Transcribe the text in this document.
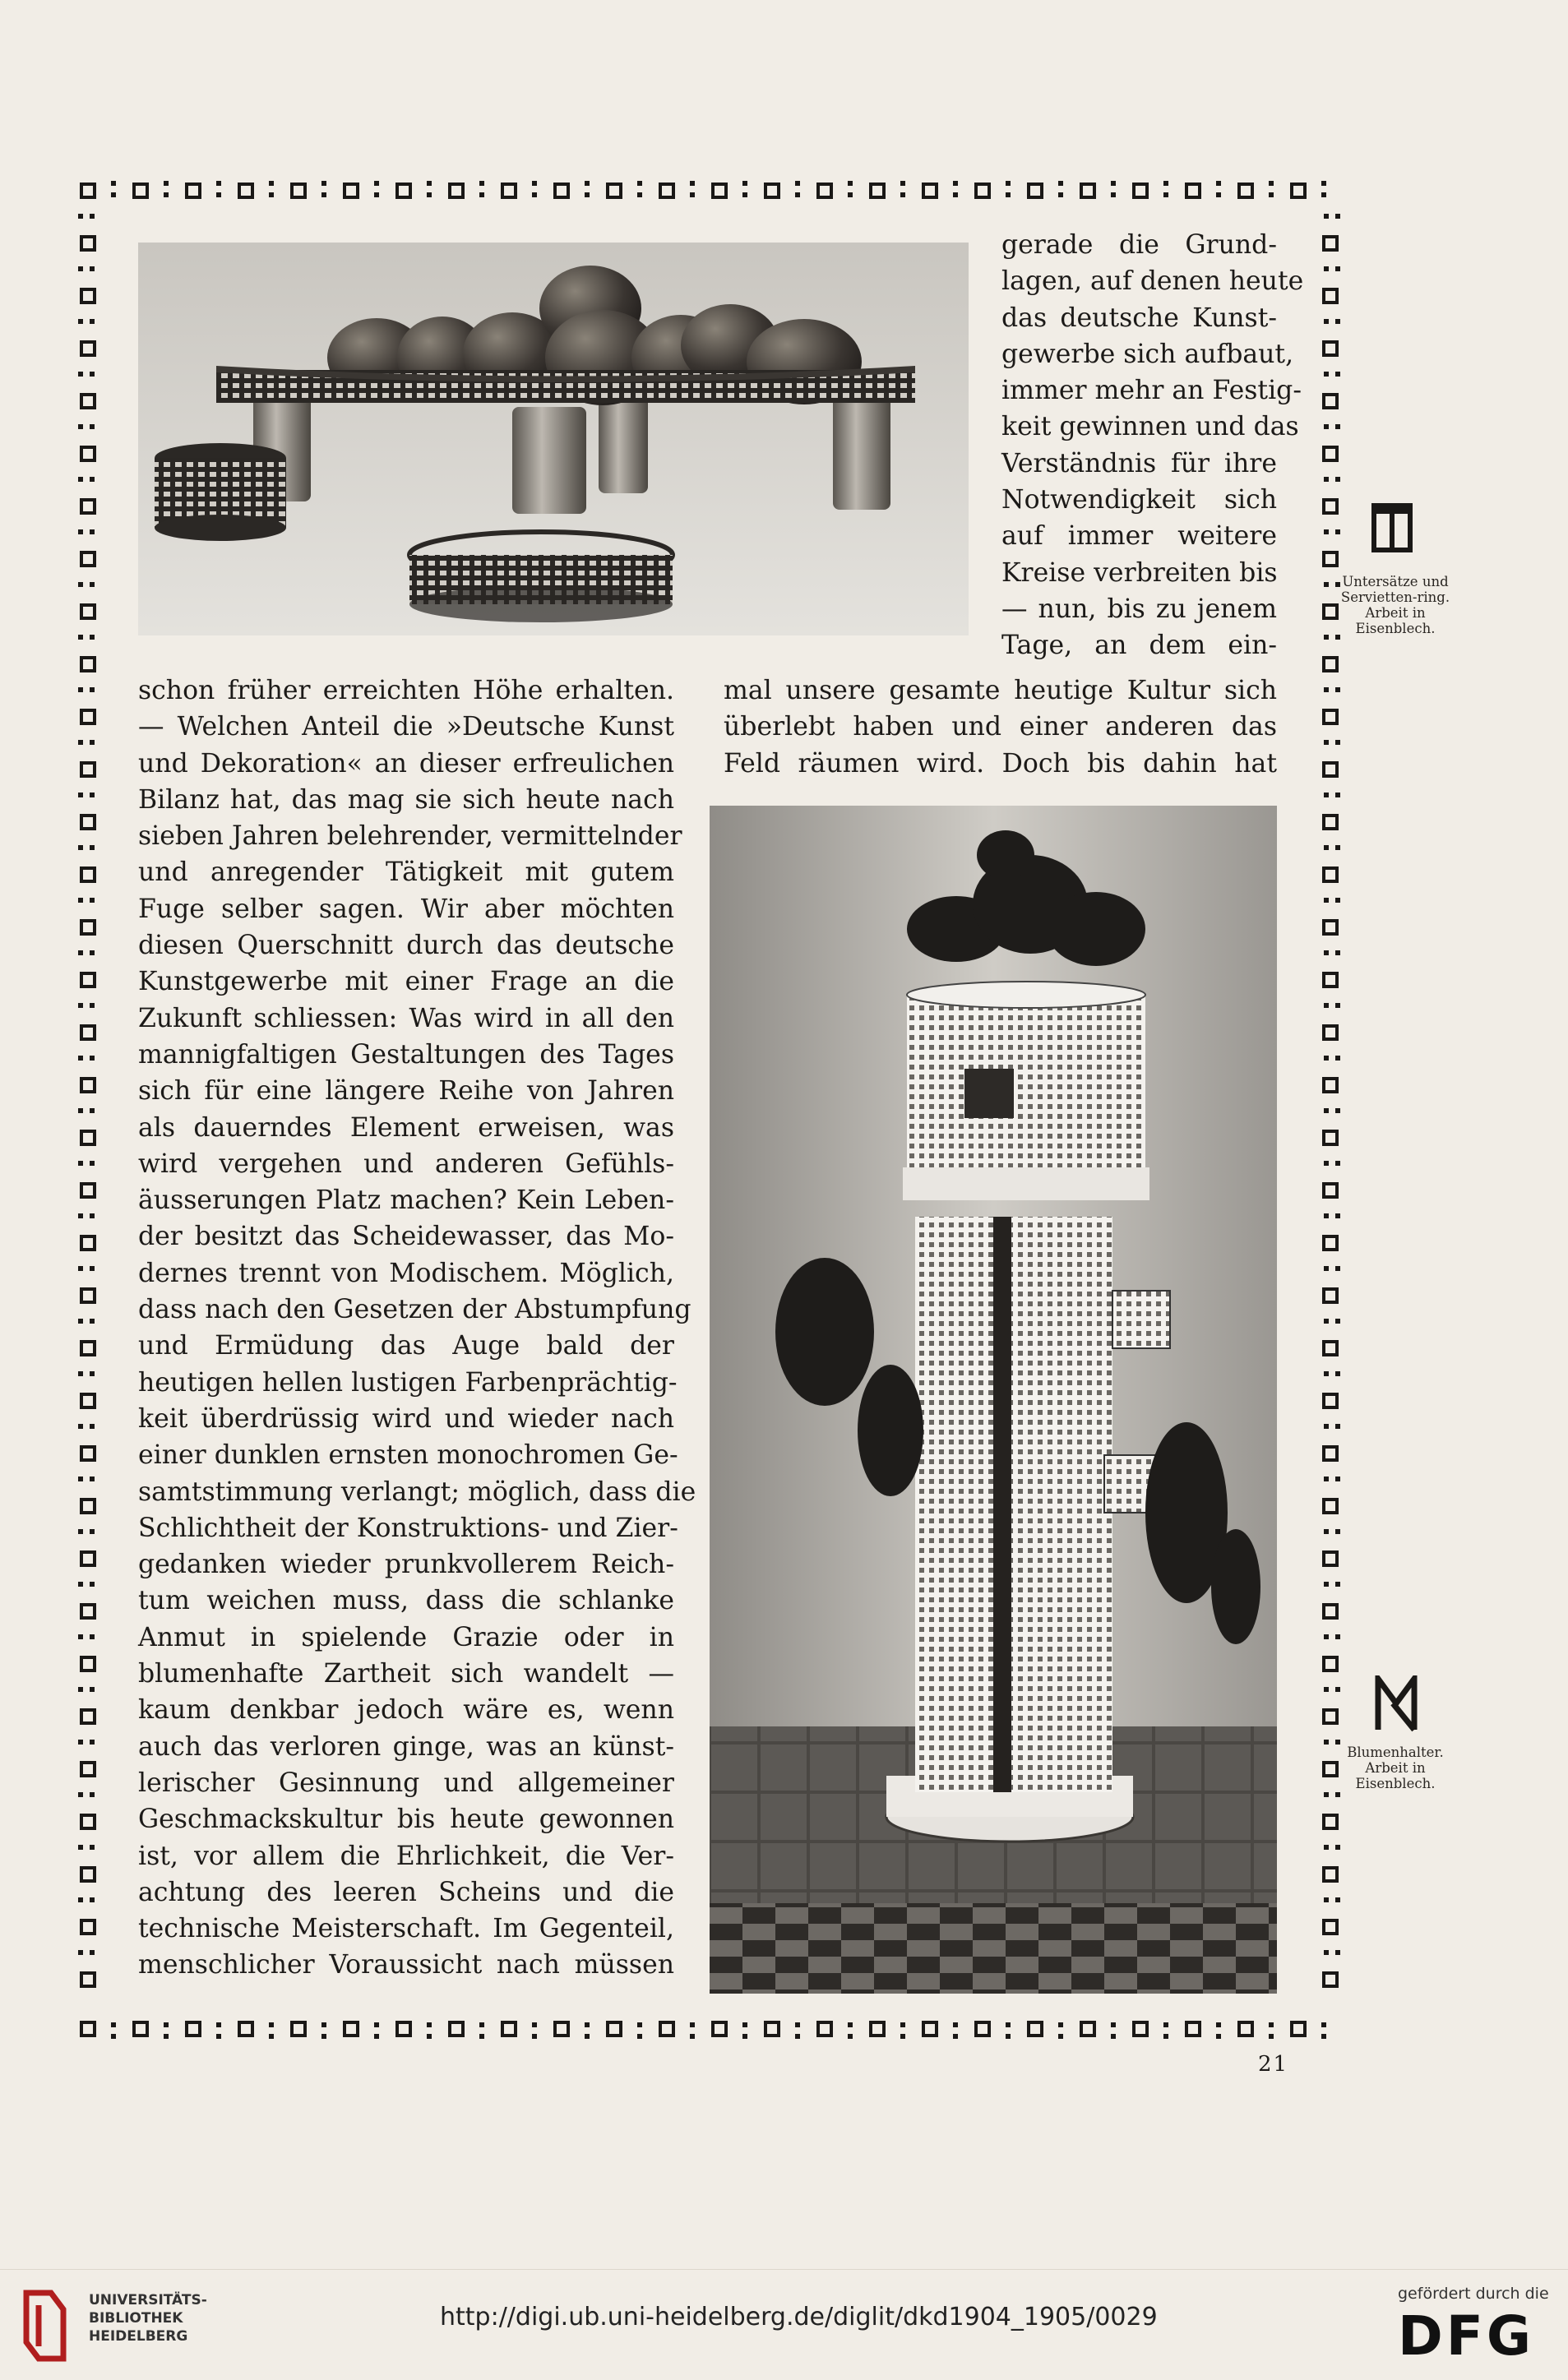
gerade die Grund-
lagen, auf denen heute
das deutsche Kunst-
gewerbe sich aufbaut,
immer mehr an Festig-
keit gewinnen und das
Verständnis für ihre
Notwendigkeit sich
auf immer weitere
Kreise verbreiten bis
— nun, bis zu jenem
Tage, an dem ein-

schon früher erreichten Höhe erhalten.
— Welchen Anteil die »Deutsche Kunst
und Dekoration« an dieser erfreulichen
Bilanz hat, das mag sie sich heute nach
sieben Jahren belehrender, vermittelnder
und anregender Tätigkeit mit gutem
Fuge selber sagen. Wir aber möchten
diesen Querschnitt durch das deutsche
Kunstgewerbe mit einer Frage an die
Zukunft schliessen: Was wird in all den
mannigfaltigen Gestaltungen des Tages
sich für eine längere Reihe von Jahren
als dauerndes Element erweisen, was
wird vergehen und anderen Gefühls-
äusserungen Platz machen? Kein Leben-
der besitzt das Scheidewasser, das Mo-
dernes trennt von Modischem. Möglich,
dass nach den Gesetzen der Abstumpfung
und Ermüdung das Auge bald der
heutigen hellen lustigen Farbenprächtig-
keit überdrüssig wird und wieder nach
einer dunklen ernsten monochromen Ge-
samtstimmung verlangt; möglich, dass die
Schlichtheit der Konstruktions- und Zier-
gedanken wieder prunkvollerem Reich-
tum weichen muss, dass die schlanke
Anmut in spielende Grazie oder in
blumenhafte Zartheit sich wandelt —
kaum denkbar jedoch wäre es, wenn
auch das verloren ginge, was an künst-
lerischer Gesinnung und allgemeiner
Geschmackskultur bis heute gewonnen
ist, vor allem die Ehrlichkeit, die Ver-
achtung des leeren Scheins und die
technische Meisterschaft. Im Gegenteil,
menschlicher Voraussicht nach müssen

mal unsere gesamte heutige Kultur sich
überlebt haben und einer anderen das
Feld räumen wird. Doch bis dahin hat

Untersätze und Servietten-ring. Arbeit in Eisenblech.
Blumenhalter. Arbeit in Eisenblech.
21
UNIVERSITÄTS-
BIBLIOTHEK
HEIDELBERG
http://digi.ub.uni-heidelberg.de/diglit/dkd1904_1905/0029
gefördert durch die
DFG
